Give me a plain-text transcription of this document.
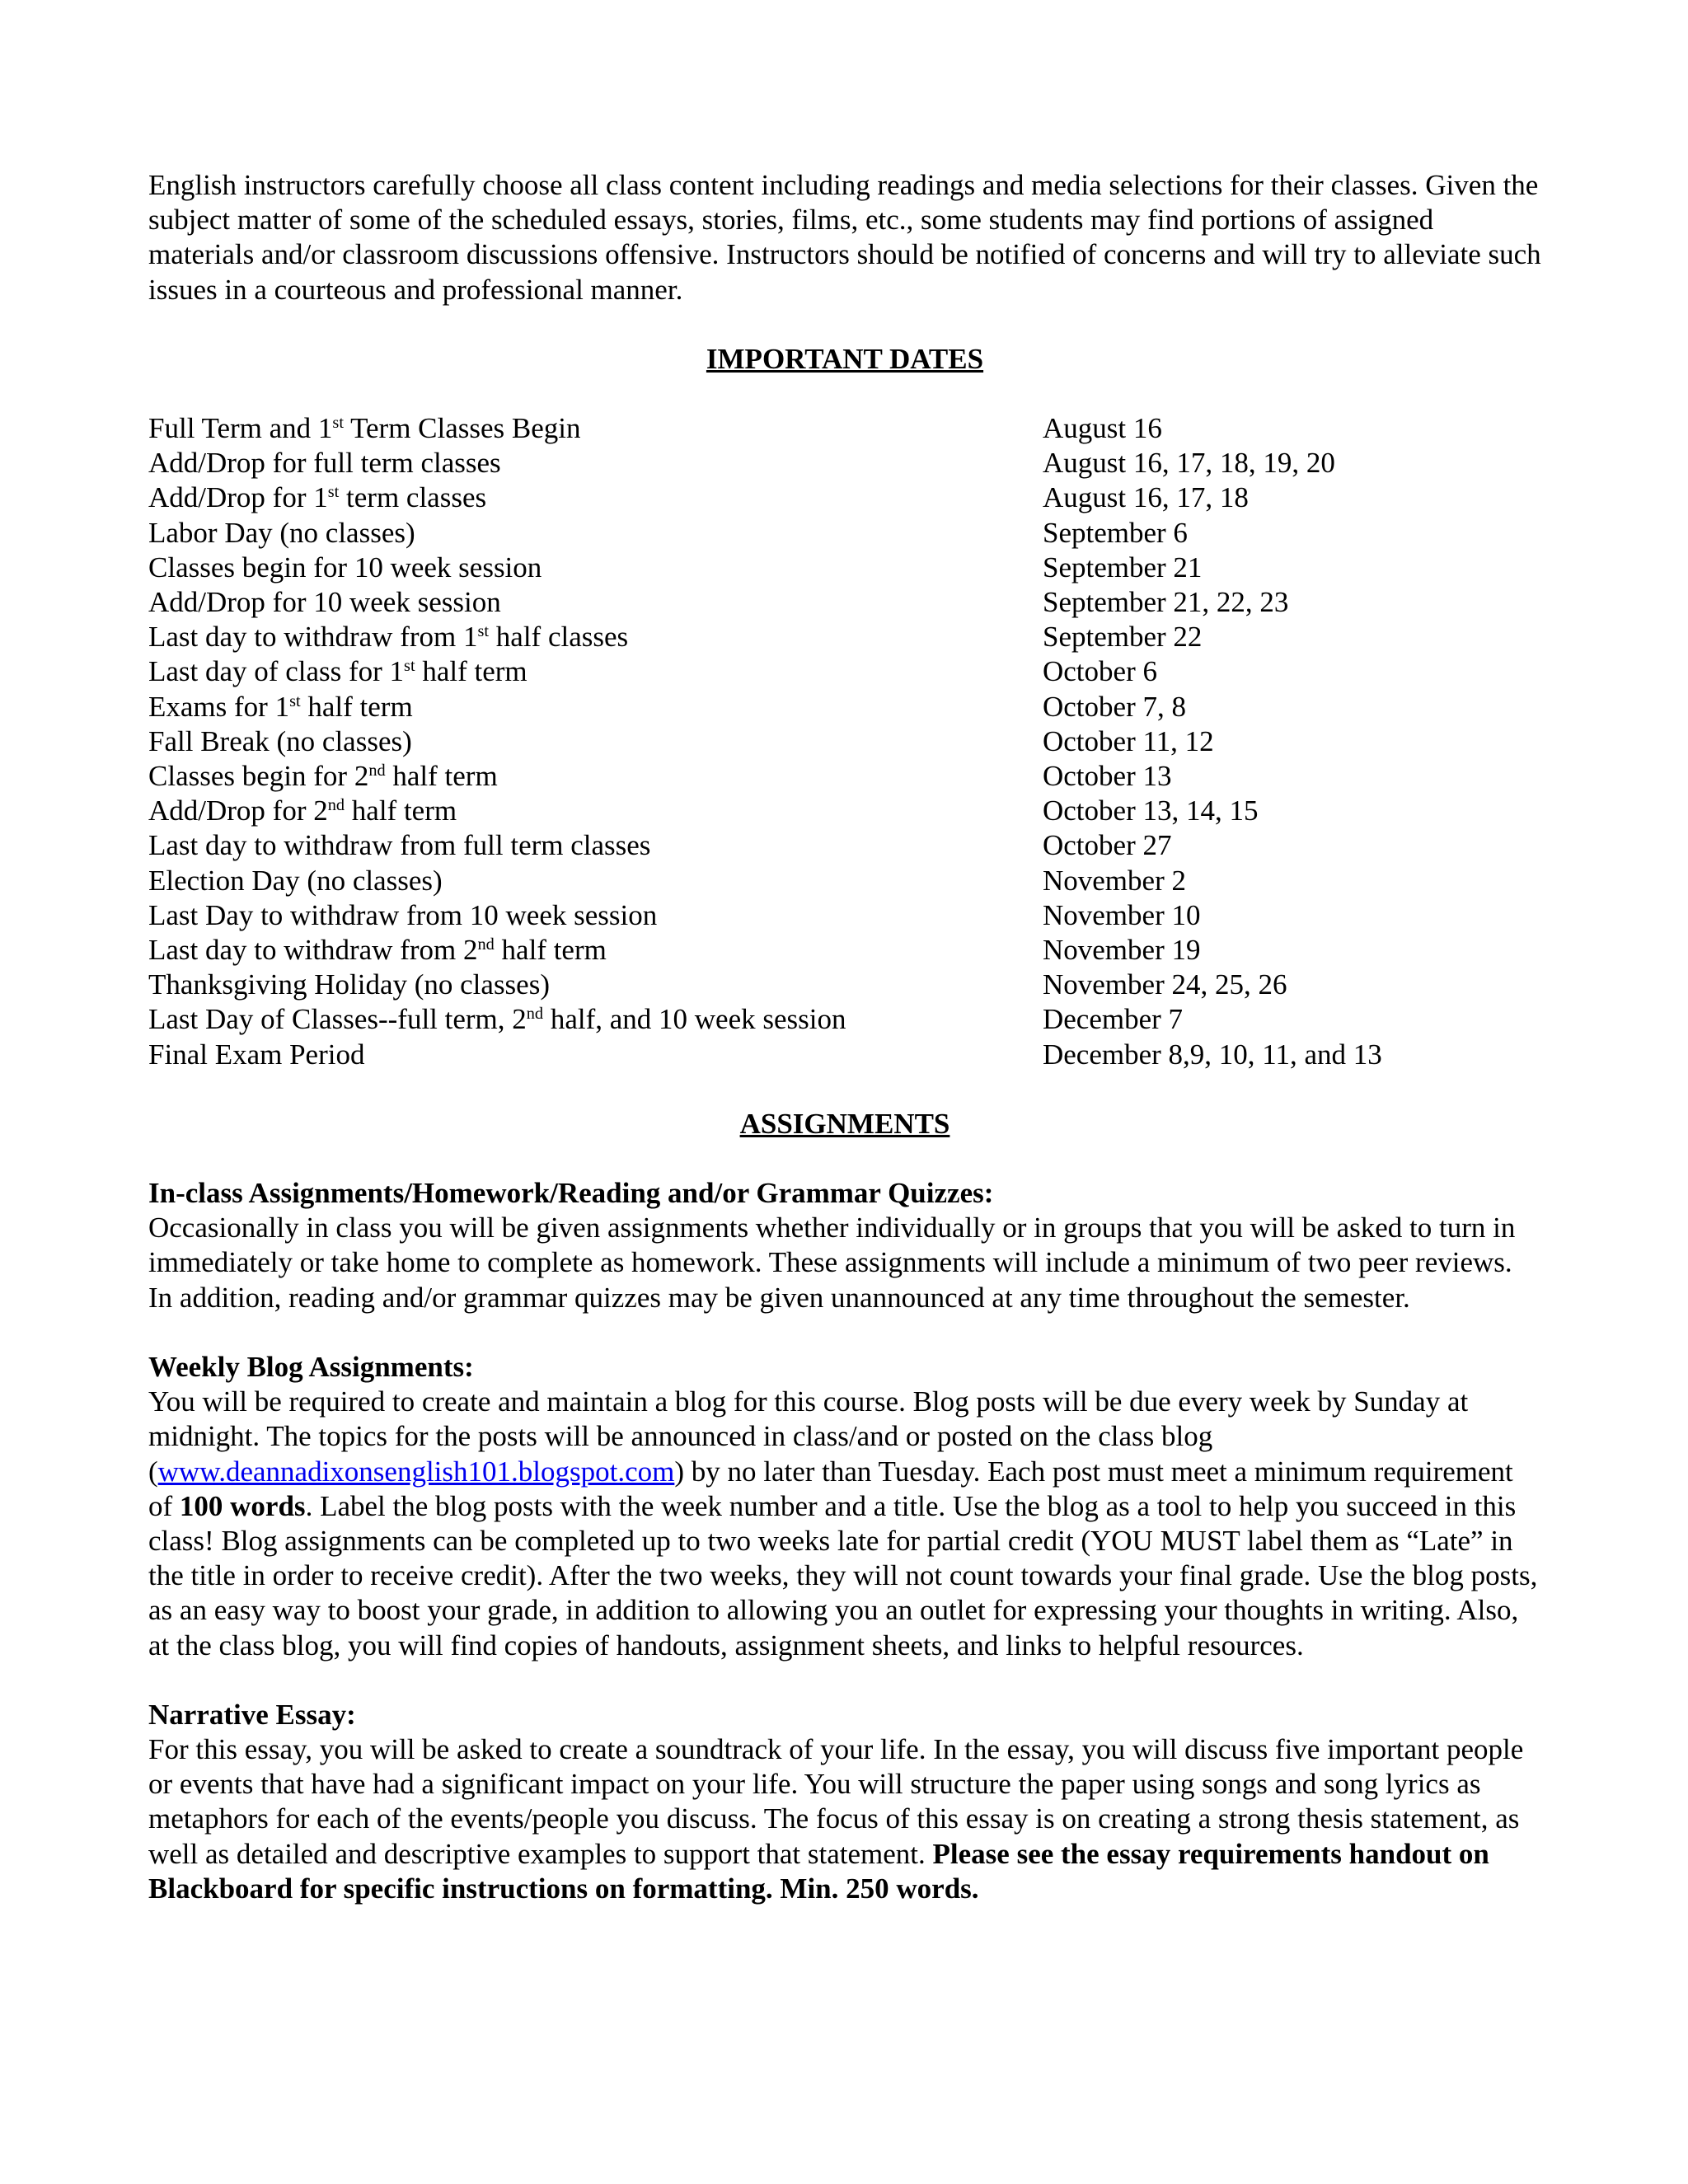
English instructors carefully choose all class content including readings and media selections for their classes. Given the subject matter of some of the scheduled essays, stories, films, etc., some students may find portions of assigned materials and/or classroom discussions offensive. Instructors should be notified of concerns and will try to alleviate such issues in a courteous and professional manner.

IMPORTANT DATES

Full Term and 1st Term Classes Begin	August 16
Add/Drop for full term classes	August 16, 17, 18, 19, 20
Add/Drop for 1st term classes	August 16, 17, 18
Labor Day (no classes)	September 6
Classes begin for 10 week session	September 21
Add/Drop for 10 week session	September 21, 22, 23
Last day to withdraw from 1st half classes	September 22
Last day of class for 1st half term	October 6
Exams for 1st half term	October 7, 8
Fall Break (no classes)	October 11, 12
Classes begin for 2nd half term	October 13
Add/Drop for 2nd half term	October 13, 14, 15
Last day to withdraw from full term classes	October 27
Election Day (no classes)	November 2
Last Day to withdraw from 10 week session	November 10
Last day to withdraw from 2nd half term	November 19
Thanksgiving Holiday (no classes)	November 24, 25, 26
Last Day of Classes--full term, 2nd half, and 10 week session	December 7
Final Exam Period	December 8,9, 10, 11, and 13

ASSIGNMENTS

In-class Assignments/Homework/Reading and/or Grammar Quizzes:

Occasionally in class you will be given assignments whether individually or in groups that you will be asked to turn in immediately or take home to complete as homework. These assignments will include a minimum of two peer reviews. In addition, reading and/or grammar quizzes may be given unannounced at any time throughout the semester.

Weekly Blog Assignments:

You will be required to create and maintain a blog for this course. Blog posts will be due every week by Sunday at midnight. The topics for the posts will be announced in class/and or posted on the class blog (www.deannadixonsenglish101.blogspot.com) by no later than Tuesday. Each post must meet a minimum requirement of 100 words. Label the blog posts with the week number and a title. Use the blog as a tool to help you succeed in this class! Blog assignments can be completed up to two weeks late for partial credit (YOU MUST label them as “Late” in the title in order to receive credit). After the two weeks, they will not count towards your final grade. Use the blog posts, as an easy way to boost your grade, in addition to allowing you an outlet for expressing your thoughts in writing. Also, at the class blog, you will find copies of handouts, assignment sheets, and links to helpful resources.

Narrative Essay:

For this essay, you will be asked to create a soundtrack of your life. In the essay, you will discuss five important people or events that have had a significant impact on your life. You will structure the paper using songs and song lyrics as metaphors for each of the events/people you discuss. The focus of this essay is on creating a strong thesis statement, as well as detailed and descriptive examples to support that statement. Please see the essay requirements handout on Blackboard for specific instructions on formatting. Min. 250 words.
